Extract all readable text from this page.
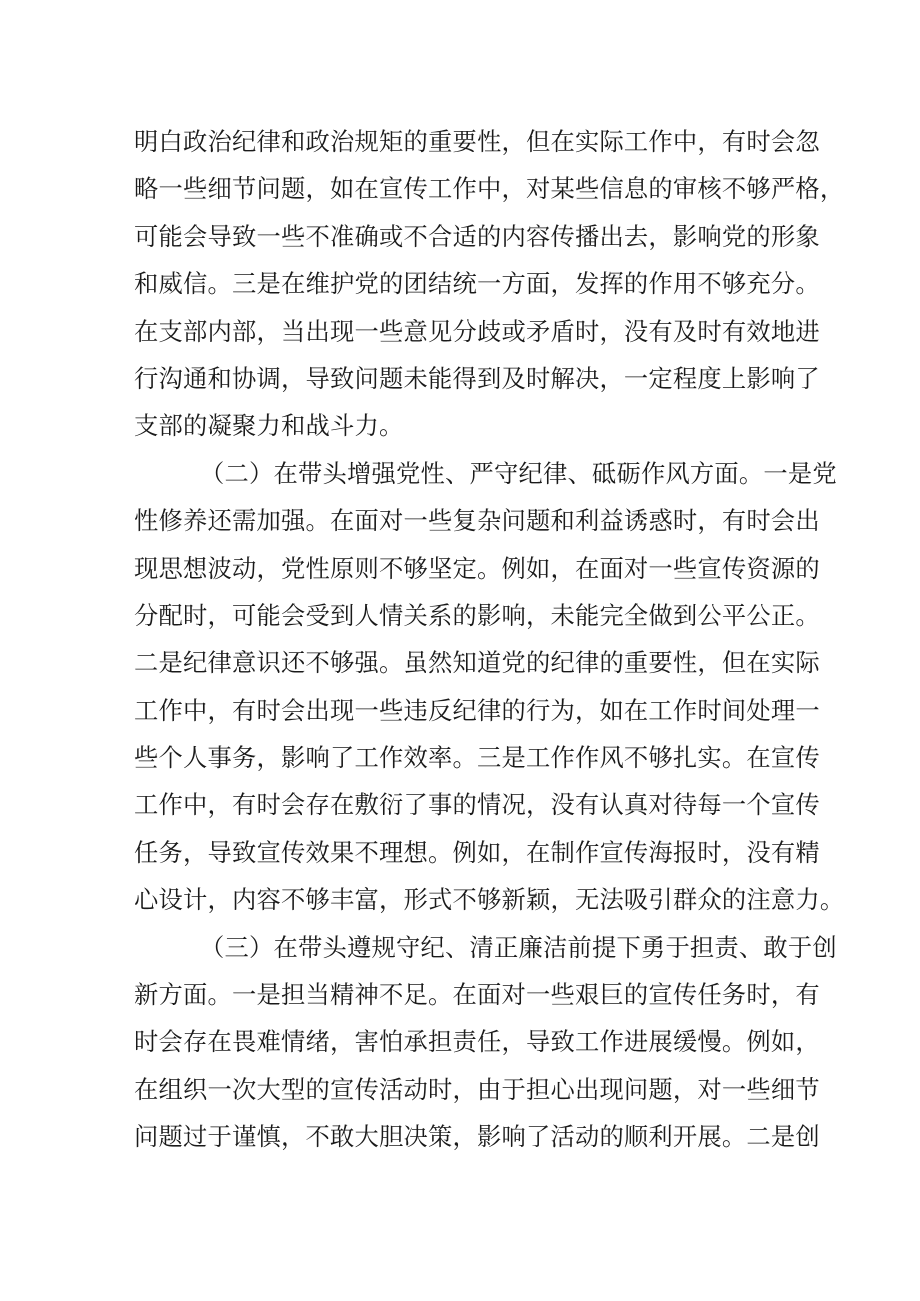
明白政治纪律和政治规矩的重要性，但在实际工作中，有时会忽
略一些细节问题，如在宣传工作中，对某些信息的审核不够严格，
可能会导致一些不准确或不合适的内容传播出去，影响党的形象
和威信。三是在维护党的团结统一方面，发挥的作用不够充分。
在支部内部，当出现一些意见分歧或矛盾时，没有及时有效地进
行沟通和协调，导致问题未能得到及时解决，一定程度上影响了
支部的凝聚力和战斗力。
（二）在带头增强党性、严守纪律、砥砺作风方面。一是党
性修养还需加强。在面对一些复杂问题和利益诱惑时，有时会出
现思想波动，党性原则不够坚定。例如，在面对一些宣传资源的
分配时，可能会受到人情关系的影响，未能完全做到公平公正。
二是纪律意识还不够强。虽然知道党的纪律的重要性，但在实际
工作中，有时会出现一些违反纪律的行为，如在工作时间处理一
些个人事务，影响了工作效率。三是工作作风不够扎实。在宣传
工作中，有时会存在敷衍了事的情况，没有认真对待每一个宣传
任务，导致宣传效果不理想。例如，在制作宣传海报时，没有精
心设计，内容不够丰富，形式不够新颖，无法吸引群众的注意力。
（三）在带头遵规守纪、清正廉洁前提下勇于担责、敢于创
新方面。一是担当精神不足。在面对一些艰巨的宣传任务时，有
时会存在畏难情绪，害怕承担责任，导致工作进展缓慢。例如，
在组织一次大型的宣传活动时，由于担心出现问题，对一些细节
问题过于谨慎，不敢大胆决策，影响了活动的顺利开展。二是创
